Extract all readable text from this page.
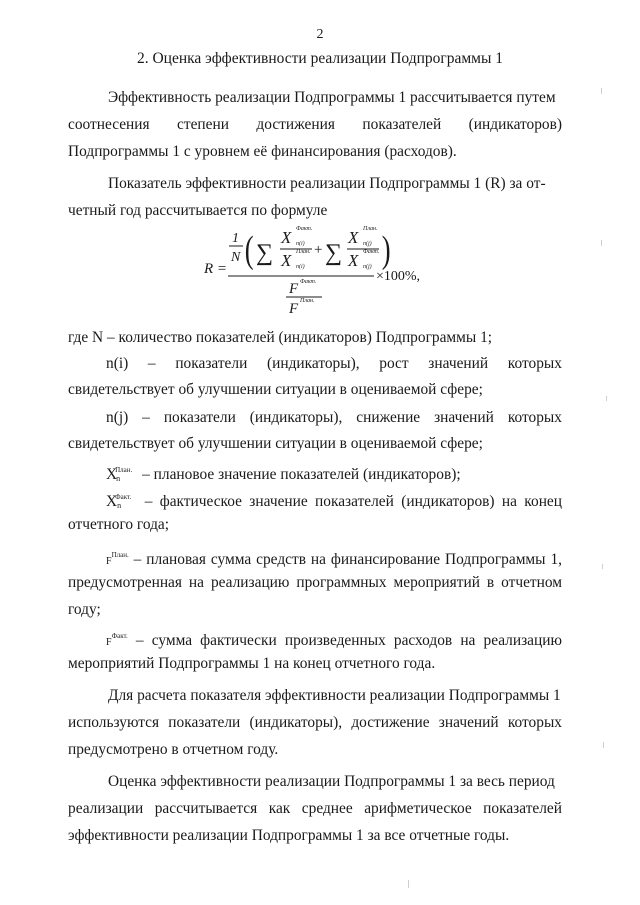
2
2. Оценка эффективности реализации Подпрограммы 1
Эффективность реализации Подпрограммы 1 рассчитывается путем
соотнесения степени достижения показателей (индикаторов)
Подпрограммы 1 с уровнем её финансирования (расходов).
Показатель эффективности реализации Подпрограммы 1 (R) за от-
четный год рассчитывается по формуле
R =
1
N (	)
∑
X Факт.
n(i)
X План.
n(i)
+ ∑
X План.
n(j)
X Факт.
n(j)
F Факт.
F План.
×100%,
где N – количество показателей (индикаторов) Подпрограммы 1;
n(i) – показатели (индикаторы), рост значений которых
свидетельствует об улучшении ситуации в оцениваемой сфере;
n(j) – показатели (индикаторы), снижение значений которых
свидетельствует об улучшении ситуации в оцениваемой сфере;
$X_n^{План.}$ – плановое значение показателей (индикаторов);
$X_n^{Факт.}$ – фактическое значение показателей (индикаторов) на конец
отчетного года;
$F^{План.}$ – плановая сумма средств на финансирование Подпрограммы 1,
предусмотренная на реализацию программных мероприятий в отчетном
году;
$F^{Факт.}$ – сумма фактически произведенных расходов на реализацию
мероприятий Подпрограммы 1 на конец отчетного года.
Для расчета показателя эффективности реализации Подпрограммы 1
используются показатели (индикаторы), достижение значений которых
предусмотрено в отчетном году.
Оценка эффективности реализации Подпрограммы 1 за весь период
реализации рассчитывается как среднее арифметическое показателей
эффективности реализации Подпрограммы 1 за все отчетные годы.
